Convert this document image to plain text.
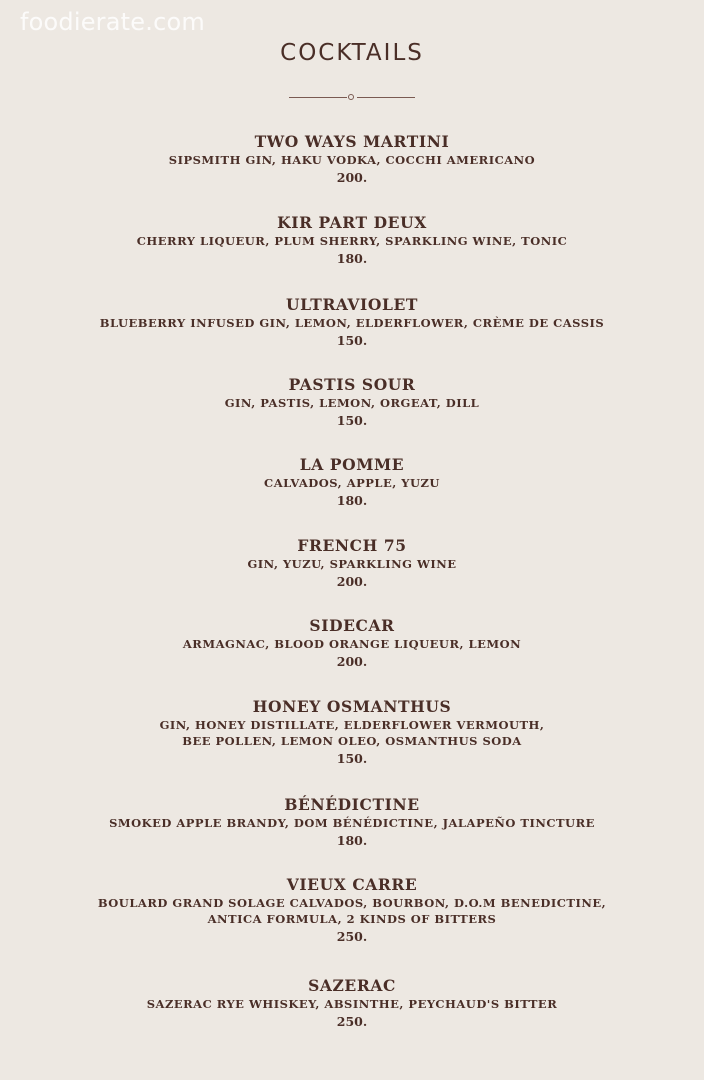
foodierate.com
COCKTAILS
TWO WAYS MARTINI
SIPSMITH GIN, HAKU VODKA, COCCHI AMERICANO
200.
KIR PART DEUX
CHERRY LIQUEUR, PLUM SHERRY, SPARKLING WINE, TONIC
180.
ULTRAVIOLET
BLUEBERRY INFUSED GIN, LEMON, ELDERFLOWER, CRÈME DE CASSIS
150.
PASTIS SOUR
GIN, PASTIS, LEMON, ORGEAT, DILL
150.
LA POMME
CALVADOS, APPLE, YUZU
180.
FRENCH 75
GIN, YUZU, SPARKLING WINE
200.
SIDECAR
ARMAGNAC, BLOOD ORANGE LIQUEUR, LEMON
200.
HONEY OSMANTHUS
GIN, HONEY DISTILLATE, ELDERFLOWER VERMOUTH,
BEE POLLEN, LEMON OLEO, OSMANTHUS SODA
150.
BÉNÉDICTINE
SMOKED APPLE BRANDY, DOM BÉNÉDICTINE, JALAPEÑO TINCTURE
180.
VIEUX CARRE
BOULARD GRAND SOLAGE CALVADOS, BOURBON, D.O.M BENEDICTINE,
ANTICA FORMULA, 2 KINDS OF BITTERS
250.
SAZERAC
SAZERAC RYE WHISKEY, ABSINTHE, PEYCHAUD'S BITTER
250.
